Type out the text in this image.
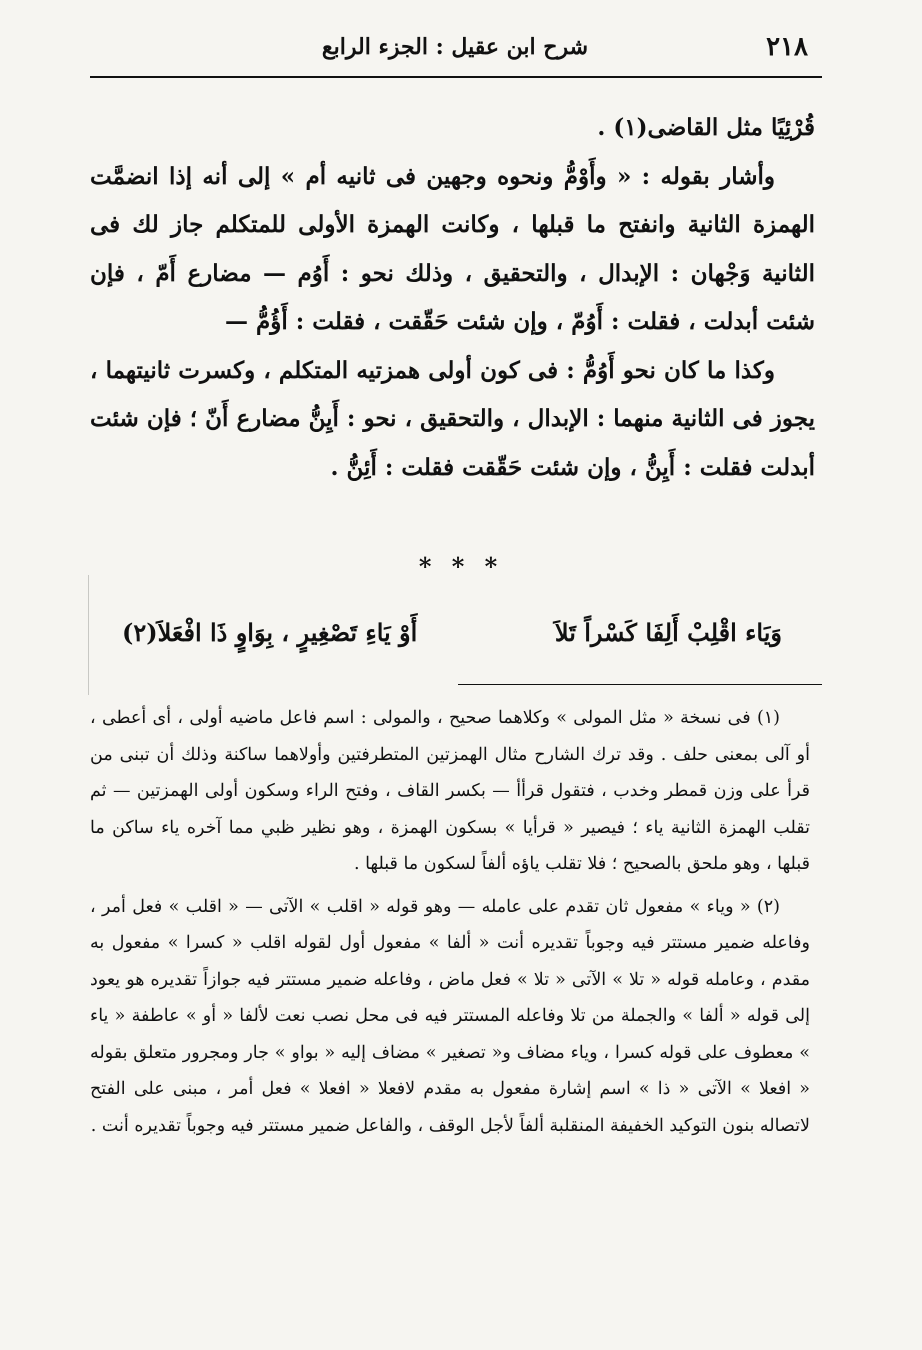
٢١٨
شرح ابن عقيل : الجزء الرابع

قُرْئِيًا مثل القاضى(١) .

وأشار بقوله : « وأَوْمُّ ونحوه وجهين فى ثانيه أم » إلى أنه إذا انضمَّت الهمزة الثانية وانفتح ما قبلها ، وكانت الهمزة الأولى للمتكلم جاز لك فى الثانية وَجْهان : الإبدال ، والتحقيق ، وذلك نحو : أَوُم — مضارع أَمّ ، فإن شئت أبدلت ، فقلت : أَوُمّ ، وإن شئت حَقّقت ، فقلت : أَؤُمُّ —

وكذا ما كان نحو أَوُمُّ : فى كون أولى همزتيه المتكلم ، وكسرت ثانيتهما ، يجوز فى الثانية منهما : الإبدال ، والتحقيق ، نحو : أَيِنُّ مضارع أَنّ ؛ فإن شئت أبدلت فقلت : أَيِنُّ ، وإن شئت حَقّقت فقلت : أَئِنُّ .

* * *
وَيَاء اقْلِبْ أَلِفَا كَسْراً تَلاَ
أَوْ يَاءِ تَصْغِيرٍ ، بِوَاوٍ ذَا افْعَلاَ(٢)

(١) فى نسخة « مثل المولى » وكلاهما صحيح ، والمولى : اسم فاعل ماضيه أولى ، أى أعطى ، أو آلى بمعنى حلف . وقد ترك الشارح مثال الهمزتين المتطرفتين وأولاهما ساكنة وذلك أن تبنى من قرأ على وزن قمطر وخدب ، فتقول قرأأ — بكسر القاف ، وفتح الراء وسكون أولى الهمزتين — ثم تقلب الهمزة الثانية ياء ؛ فيصير « قرأيا » بسكون الهمزة ، وهو نظير ظبي مما آخره ياء ساكن ما قبلها ، وهو ملحق بالصحيح ؛ فلا تقلب ياؤه ألفاً لسكون ما قبلها .

(٢) « وياء » مفعول ثان تقدم على عامله — وهو قوله « اقلب » الآتى — « اقلب » فعل أمر ، وفاعله ضمير مستتر فيه وجوباً تقديره أنت « ألفا » مفعول أول لقوله اقلب « كسرا » مفعول به مقدم ، وعامله قوله « تلا » الآتى « تلا » فعل ماض ، وفاعله ضمير مستتر فيه جوازاً تقديره هو يعود إلى قوله « ألفا » والجملة من تلا وفاعله المستتر فيه فى محل نصب نعت لألفا « أو » عاطفة « ياء » معطوف على قوله كسرا ، وياء مضاف و« تصغير » مضاف إليه « بواو » جار ومجرور متعلق بقوله « افعلا » الآتى « ذا » اسم إشارة مفعول به مقدم لافعلا « افعلا » فعل أمر ، مبنى على الفتح لاتصاله بنون التوكيد الخفيفة المنقلبة ألفاً لأجل الوقف ، والفاعل ضمير مستتر فيه وجوباً تقديره أنت .
